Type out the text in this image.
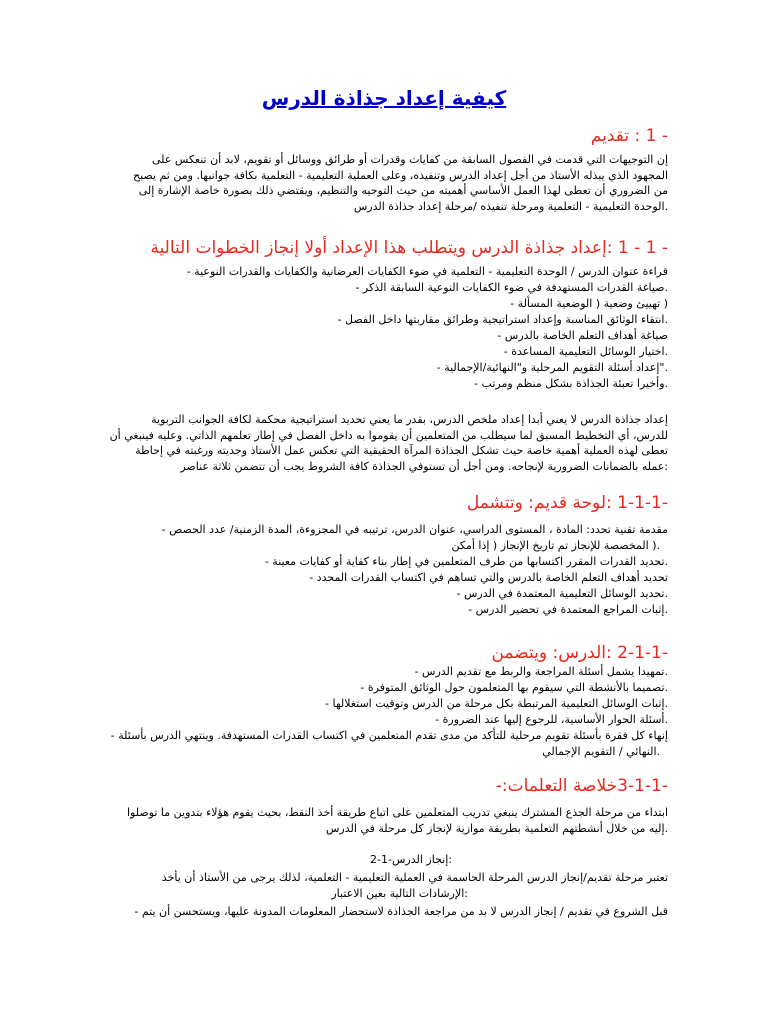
كيفية إعداد جذاذة الدرس
- 1 : تقديم
إن التوجيهات التي قدمت في الفصول السابقة من كفايات وقدرات أو طرائق ووسائل أو تقويم، لابد أن تنعكس على
المجهود الذي يبذله الأستاذ من أجل إعداد الدرس وتنفيذه، وعلى العملية التعليمية - التعلمية بكافة جوانبها. ومن ثم يصبح
من الضروري أن تعطى لهذا العمل الأساسي أهميته من حيث التوجيه والتنظيم، ويقتضي ذلك بصورة خاصة الإشارة إلى
.الوحدة التعليمية - التعلمية ومرحلة تنفيذه /مرحلة إعداد جذاذة الدرس
- 1 - 1 :إعداد جذاذة الدرس ويتطلب هذا الإعداد أولا إنجاز الخطوات التالية
قراءة عنوان الدرس / الوحدة التعليمية - التعلمية في ضوء الكفايات العرضانية والكفايات والقدرات النوعية -
.صياغة القدرات المستهدفة في ضوء الكفايات النوعية السابقة الذكر -
( تهييئ وضعية ( الوضعية المسألة -
.انتقاء الوثائق المناسبة وإعداد استراتيجية وطرائق مقاربتها داخل الفصل -
صياغة أهداف التعلم الخاصة بالدرس -
.اختيار الوسائل التعليمية المساعدة -
."إعداد أسئلة التقويم المرحلية و"النهائية/الإجمالية -
.وأخيرا تعبئة الجذاذة بشكل منظم ومرتب -
إعداد جذاذة الدرس لا يعني أبدا إعداد ملخص الدرس، بقدر ما يعني تحديد استراتيجية محكمة لكافة الجوانب التربوية
للدرس، أي التخطيط المسبق لما سيطلب من المتعلمين أن يقوموا به داخل الفصل في إطار تعلمهم الذاتي. وعليه فينبغي أن
تعطى لهذه العملية أهمية خاصة حيث تشكل الجذاذة المرآة الحقيقية التي تعكس عمل الأستاذ وجديته ورغبته في إحاطة
:عمله بالضمانات الضرورية لإنجاحه. ومن أجل أن تستوفي الجذاذة كافة الشروط يجب أن تتضمن ثلاثة عناصر
-1-1-1 :لوحة قديم: وتتشمل
مقدمة تقنية تحدد: المادة ، المستوى الدراسي، عنوان الدرس، ترتيبه في المجزوءة، المدة الزمنية/ عدد الحصص -
.( المخصصة للإنجاز تم تاريخ الإنجاز ( إذا أمكن
.تحديد القدرات المقرر اكتسابها من طرف المتعلمين في إطار بناء كفاية أو كفايات معينة -
تحديد أهداف التعلم الخاصة بالدرس والتي تساهم في اكتساب القدرات المحدد -
.تحديد الوسائل التعليمية المعتمدة في الدرس -
.إثبات المراجع المعتمدة في تحضير الدرس -
-2-1-1 :الدرس: ويتضمن
.تمهيدا يشمل أسئلة المراجعة والربط مع تقديم الدرس -
.تصميما بالأنشطة التي سيقوم بها المتعلمون حول الوثائق المتوفرة -
.إثبات الوسائل التعليمية المرتبطة بكل مرحلة من الدرس وتوقيت استغلالها -
.أسئلة الحوار الأساسية، للرجوع إليها عند الضرورة -
إنهاء كل فقرة بأسئلة تقويم مرحلية للتأكد من مدى تقدم المتعلمين في اكتساب القدرات المستهدفة. وينتهي الدرس بأسئلة -
.النهائي / التقويم الإجمالي
-3-1-1خلاصة التعلمات:-
ابتداء من مرحلة الجذع المشترك ينبغي تدريب المتعلمين على اتباع طريقة أخذ النقط، بحيث يقوم هؤلاء بتدوين ما توصلوا
.إليه من خلال أنشطتهم التعلمية بطريقة موازية لإنجاز كل مرحلة في الدرس
:إنجاز الدرس-1-2
تعتبر مرحلة تقديم/إنجاز الدرس المرحلة الحاسمة في العملية التعليمية - التعلمية، لذلك يرجى من الأستاذ أن يأخذ
:الإرشادات التالية بعين الاعتبار
قبل الشروع في تقديم / إنجاز الدرس لا بد من مراجعة الجذاذة لاستحضار المعلومات المدونة عليها، ويستحسن أن يتم -
